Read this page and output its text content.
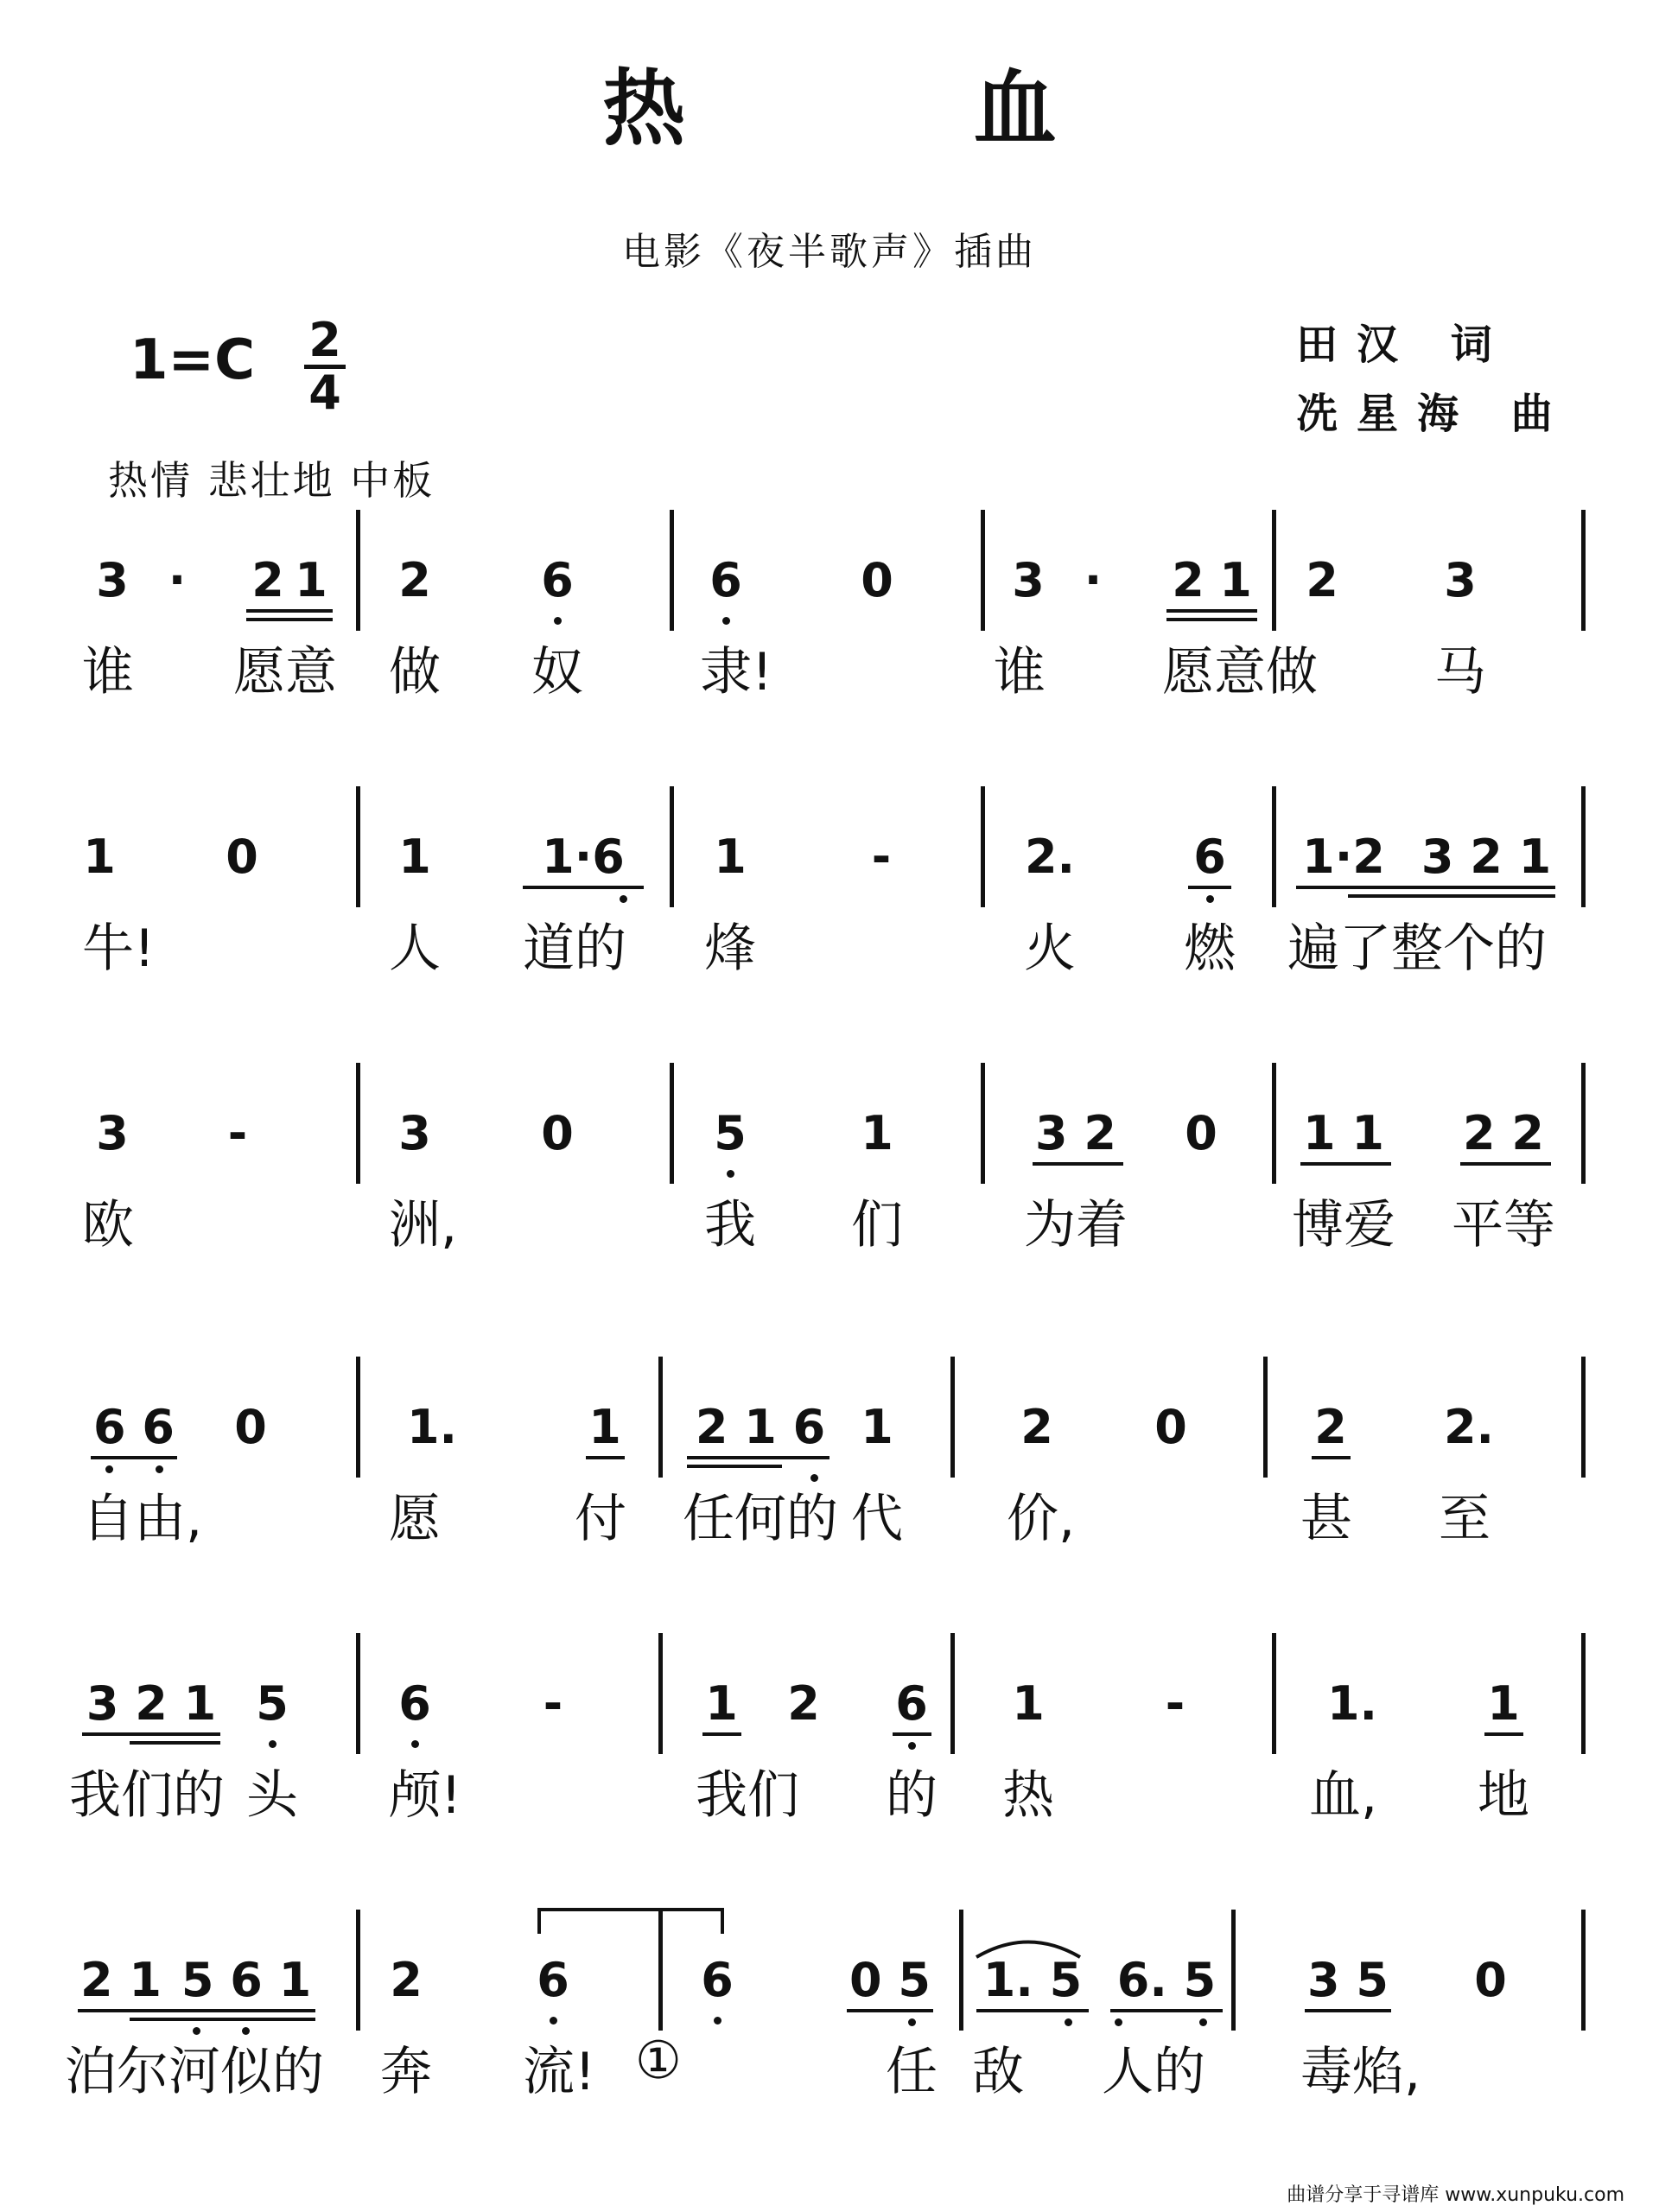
热 血
电影《夜半歌声》插曲
1=C 2
4
田汉 词
冼星海 曲
热情 悲壮地 中板
3 ·	2 1 2 6	6	0	3 ·	2 1 2 3
谁 愿意 做 奴 隶!	谁 愿意做 马
1 0	1	1·6	1	-	2.	6 1·2 3 2 1
牛!	人 道的 烽	火 燃 遍了整个的
3	-	3 0	5 1	3 2 0 1 1 2 2
欧	洲,	我 们 为着	博爱 平等
6 6 0	1.	1 2 1 6 1	2 0	2 2.
自由,	愿	付 任何的 代 价,	甚 至
3 2 1 5 6	-	1 2 6 1	-	1. 1
我们的 头 颅!	我们 的 热	血, 地
2 1 5 6 1 2 6	6 0 5 1. 5 6. 5 3 5 0
泊尔河似的 奔 流! ①	任 敌 人的 毒焰,
曲谱分享于寻谱库 www.xunpuku.com
